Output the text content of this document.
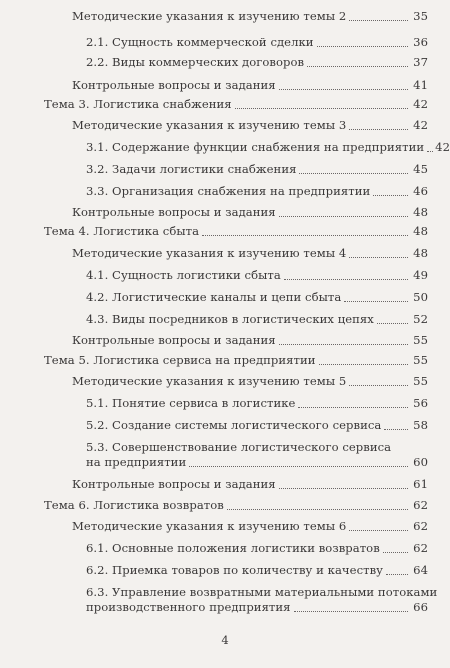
Методические указания к изучению темы 2	35
2.1. Сущность коммерческой сделки	36
2.2. Виды коммерческих договоров	37
Контрольные вопросы и задания	41
Тема 3. Логистика снабжения	42
Методические указания к изучению темы 3	42
3.1. Содержание функции снабжения на предприятии 42
3.2. Задачи логистики снабжения	45
3.3. Организация снабжения на предприятии	46
Контрольные вопросы и задания	48
Тема 4. Логистика сбыта	48
Методические указания к изучению темы 4	48
4.1. Сущность логистики сбыта	49
4.2. Логистические каналы и цепи сбыта	50
4.3. Виды посредников в логистических цепях	52
Контрольные вопросы и задания	55
Тема 5. Логистика сервиса на предприятии	55
Методические указания к изучению темы 5	55
5.1. Понятие сервиса в логистике	56
5.2. Создание системы логистического сервиса	58
5.3. Совершенствование логистического сервиса
на предприятии	60
Контрольные вопросы и задания	61
Тема 6. Логистика возвратов	62
Методические указания к изучению темы 6	62
6.1. Основные положения логистики возвратов	62
6.2. Приемка товаров по количеству и качеству	64
6.3. Управление возвратными материальными потоками
производственного предприятия	66
4
